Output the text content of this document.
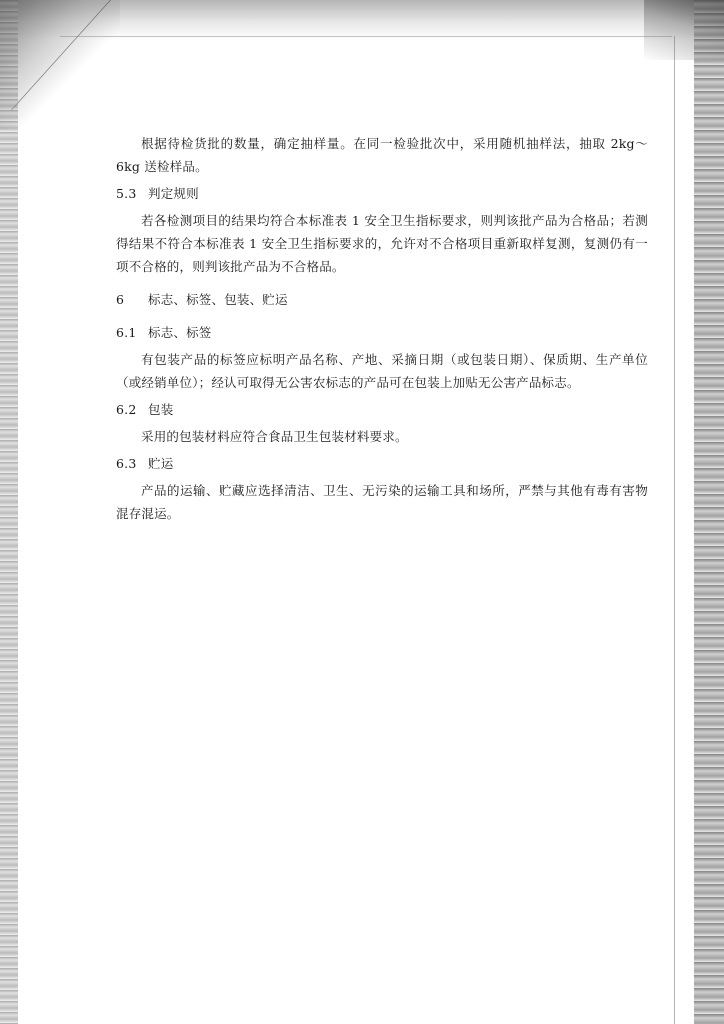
根据待检货批的数量，确定抽样量。在同一检验批次中，采用随机抽样法，抽取 2kg～6kg 送检样品。

5.3 判定规则

若各检测项目的结果均符合本标准表 1 安全卫生指标要求，则判该批产品为合格品；若测得结果不符合本标准表 1 安全卫生指标要求的，允许对不合格项目重新取样复测，复测仍有一项不合格的，则判该批产品为不合格品。

6 标志、标签、包装、贮运
6.1 标志、标签

有包装产品的标签应标明产品名称、产地、采摘日期（或包装日期）、保质期、生产单位（或经销单位）；经认可取得无公害农标志的产品可在包装上加贴无公害产品标志。

6.2 包装

采用的包装材料应符合食品卫生包装材料要求。

6.3 贮运

产品的运输、贮藏应选择清洁、卫生、无污染的运输工具和场所，严禁与其他有毒有害物混存混运。
